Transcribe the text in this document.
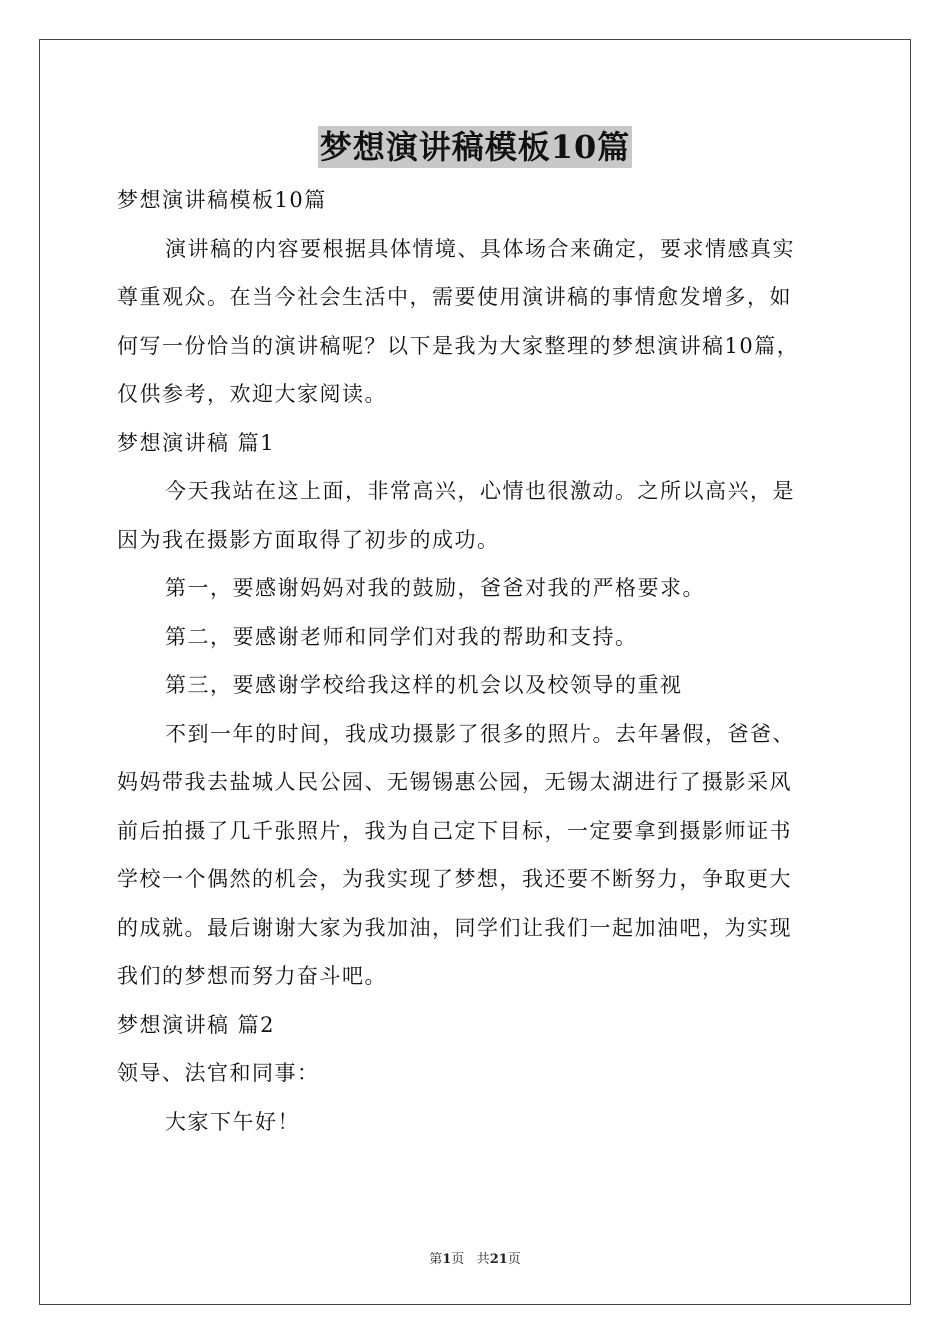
梦想演讲稿模板10篇
梦想演讲稿模板10篇
演讲稿的内容要根据具体情境、具体场合来确定，要求情感真实
尊重观众。在当今社会生活中，需要使用演讲稿的事情愈发增多，如
何写一份恰当的演讲稿呢？以下是我为大家整理的梦想演讲稿10篇，
仅供参考，欢迎大家阅读。
梦想演讲稿 篇1
今天我站在这上面，非常高兴，心情也很激动。之所以高兴，是
因为我在摄影方面取得了初步的成功。
第一，要感谢妈妈对我的鼓励，爸爸对我的严格要求。
第二，要感谢老师和同学们对我的帮助和支持。
第三，要感谢学校给我这样的机会以及校领导的重视
不到一年的时间，我成功摄影了很多的照片。去年暑假，爸爸、
妈妈带我去盐城人民公园、无锡锡惠公园，无锡太湖进行了摄影采风
前后拍摄了几千张照片，我为自己定下目标，一定要拿到摄影师证书
学校一个偶然的机会，为我实现了梦想，我还要不断努力，争取更大
的成就。最后谢谢大家为我加油，同学们让我们一起加油吧，为实现
我们的梦想而努力奋斗吧。
梦想演讲稿 篇2
领导、法官和同事：
大家下午好！
第1页 共21页
